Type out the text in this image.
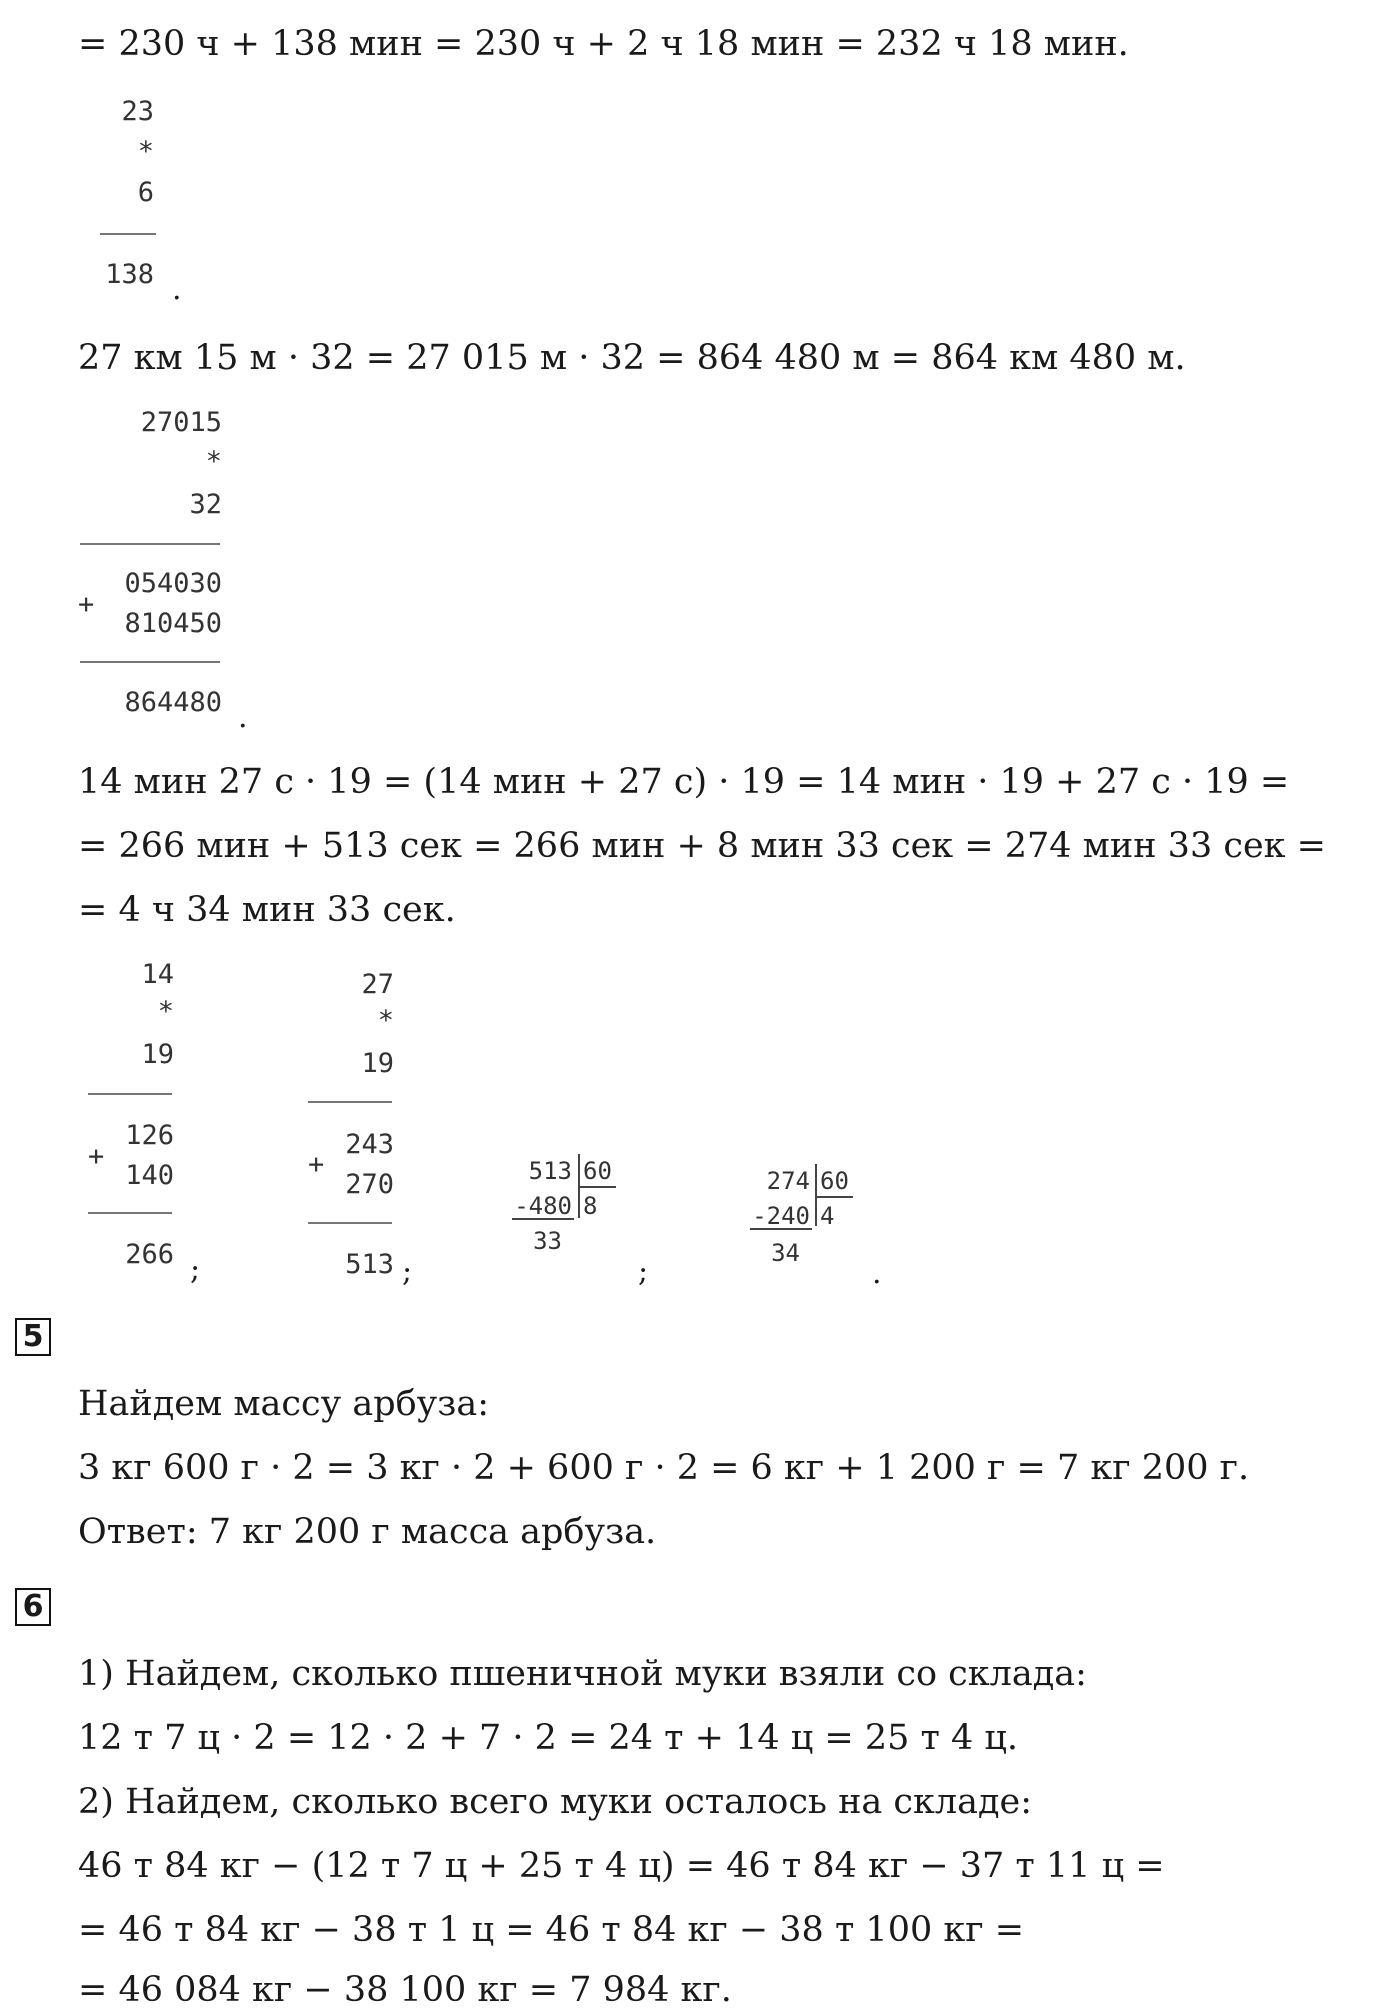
= 230 ч + 138 мин = 230 ч + 2 ч 18 мин = 232 ч 18 мин.
23
*
6
138 .
27 км 15 м · 32 = 27 015 м · 32 = 864 480 м = 864 км 480 м.
27015
*
32
054030
+
810450
864480 .
14 мин 27 с · 19 = (14 мин + 27 с) · 19 = 14 мин · 19 + 27 с · 19 =
= 266 мин + 513 сек = 266 мин + 8 мин 33 сек = 274 мин 33 сек =
= 4 ч 34 мин 33 сек.
14
*
19
126
+
140
266 ;
27
*
19
243
+
270
513 ;
513 60
-480 8
33
;
274 60
-240 4
34
.
5
Найдем массу арбуза:
3 кг 600 г · 2 = 3 кг · 2 + 600 г · 2 = 6 кг + 1 200 г = 7 кг 200 г.
Ответ: 7 кг 200 г масса арбуза.
6
1) Найдем, сколько пшеничной муки взяли со склада:
12 т 7 ц · 2 = 12 · 2 + 7 · 2 = 24 т + 14 ц = 25 т 4 ц.
2) Найдем, сколько всего муки осталось на складе:
46 т 84 кг − (12 т 7 ц + 25 т 4 ц) = 46 т 84 кг − 37 т 11 ц =
= 46 т 84 кг − 38 т 1 ц = 46 т 84 кг − 38 т 100 кг =
= 46 084 кг − 38 100 кг = 7 984 кг.
